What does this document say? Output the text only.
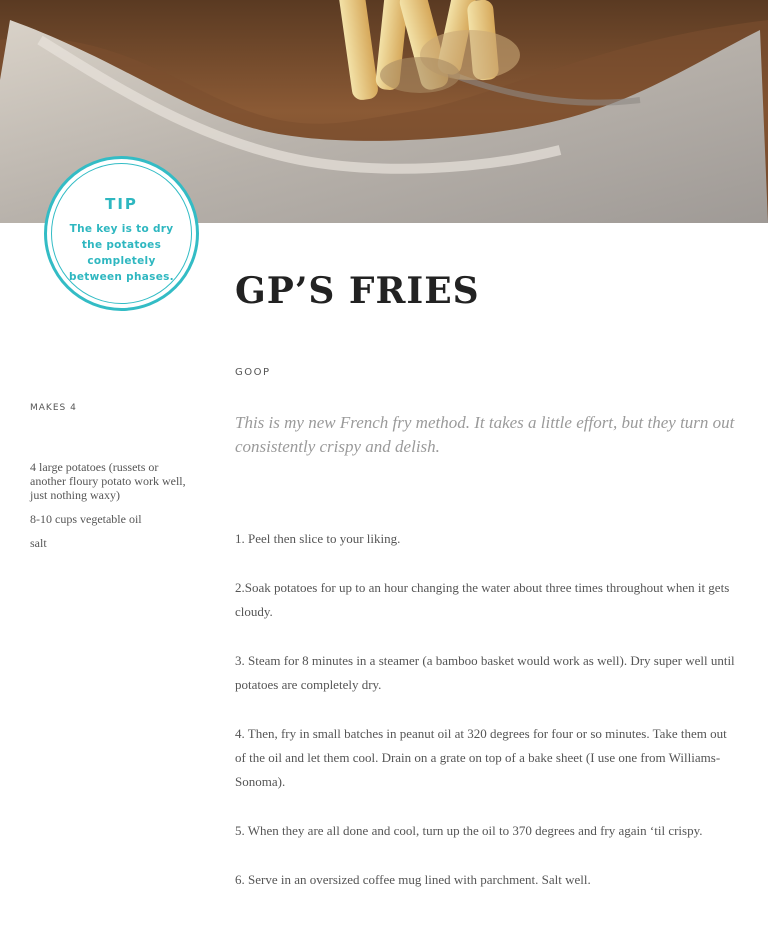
TIP
The key is to dry the potatoes completely between phases. GP’S FRIES
GOOP
MAKES 4

This is my new French fry method. It takes a little effort, but they turn out consistently crispy and delish.

4 large potatoes (russets or another floury potato work well, just nothing waxy)
8-10 cups vegetable oil
salt	1. Peel then slice to your liking.
2.Soak potatoes for up to an hour changing the water about three times throughout when it gets cloudy.
3. Steam for 8 minutes in a steamer (a bamboo basket would work as well). Dry super well until potatoes are completely dry.
4. Then, fry in small batches in peanut oil at 320 degrees for four or so minutes. Take them out of the oil and let them cool. Drain on a grate on top of a bake sheet (I use one from Williams-Sonoma).
5. When they are all done and cool, turn up the oil to 370 degrees and fry again ‘til crispy.
6. Serve in an oversized coffee mug lined with parchment. Salt well.
